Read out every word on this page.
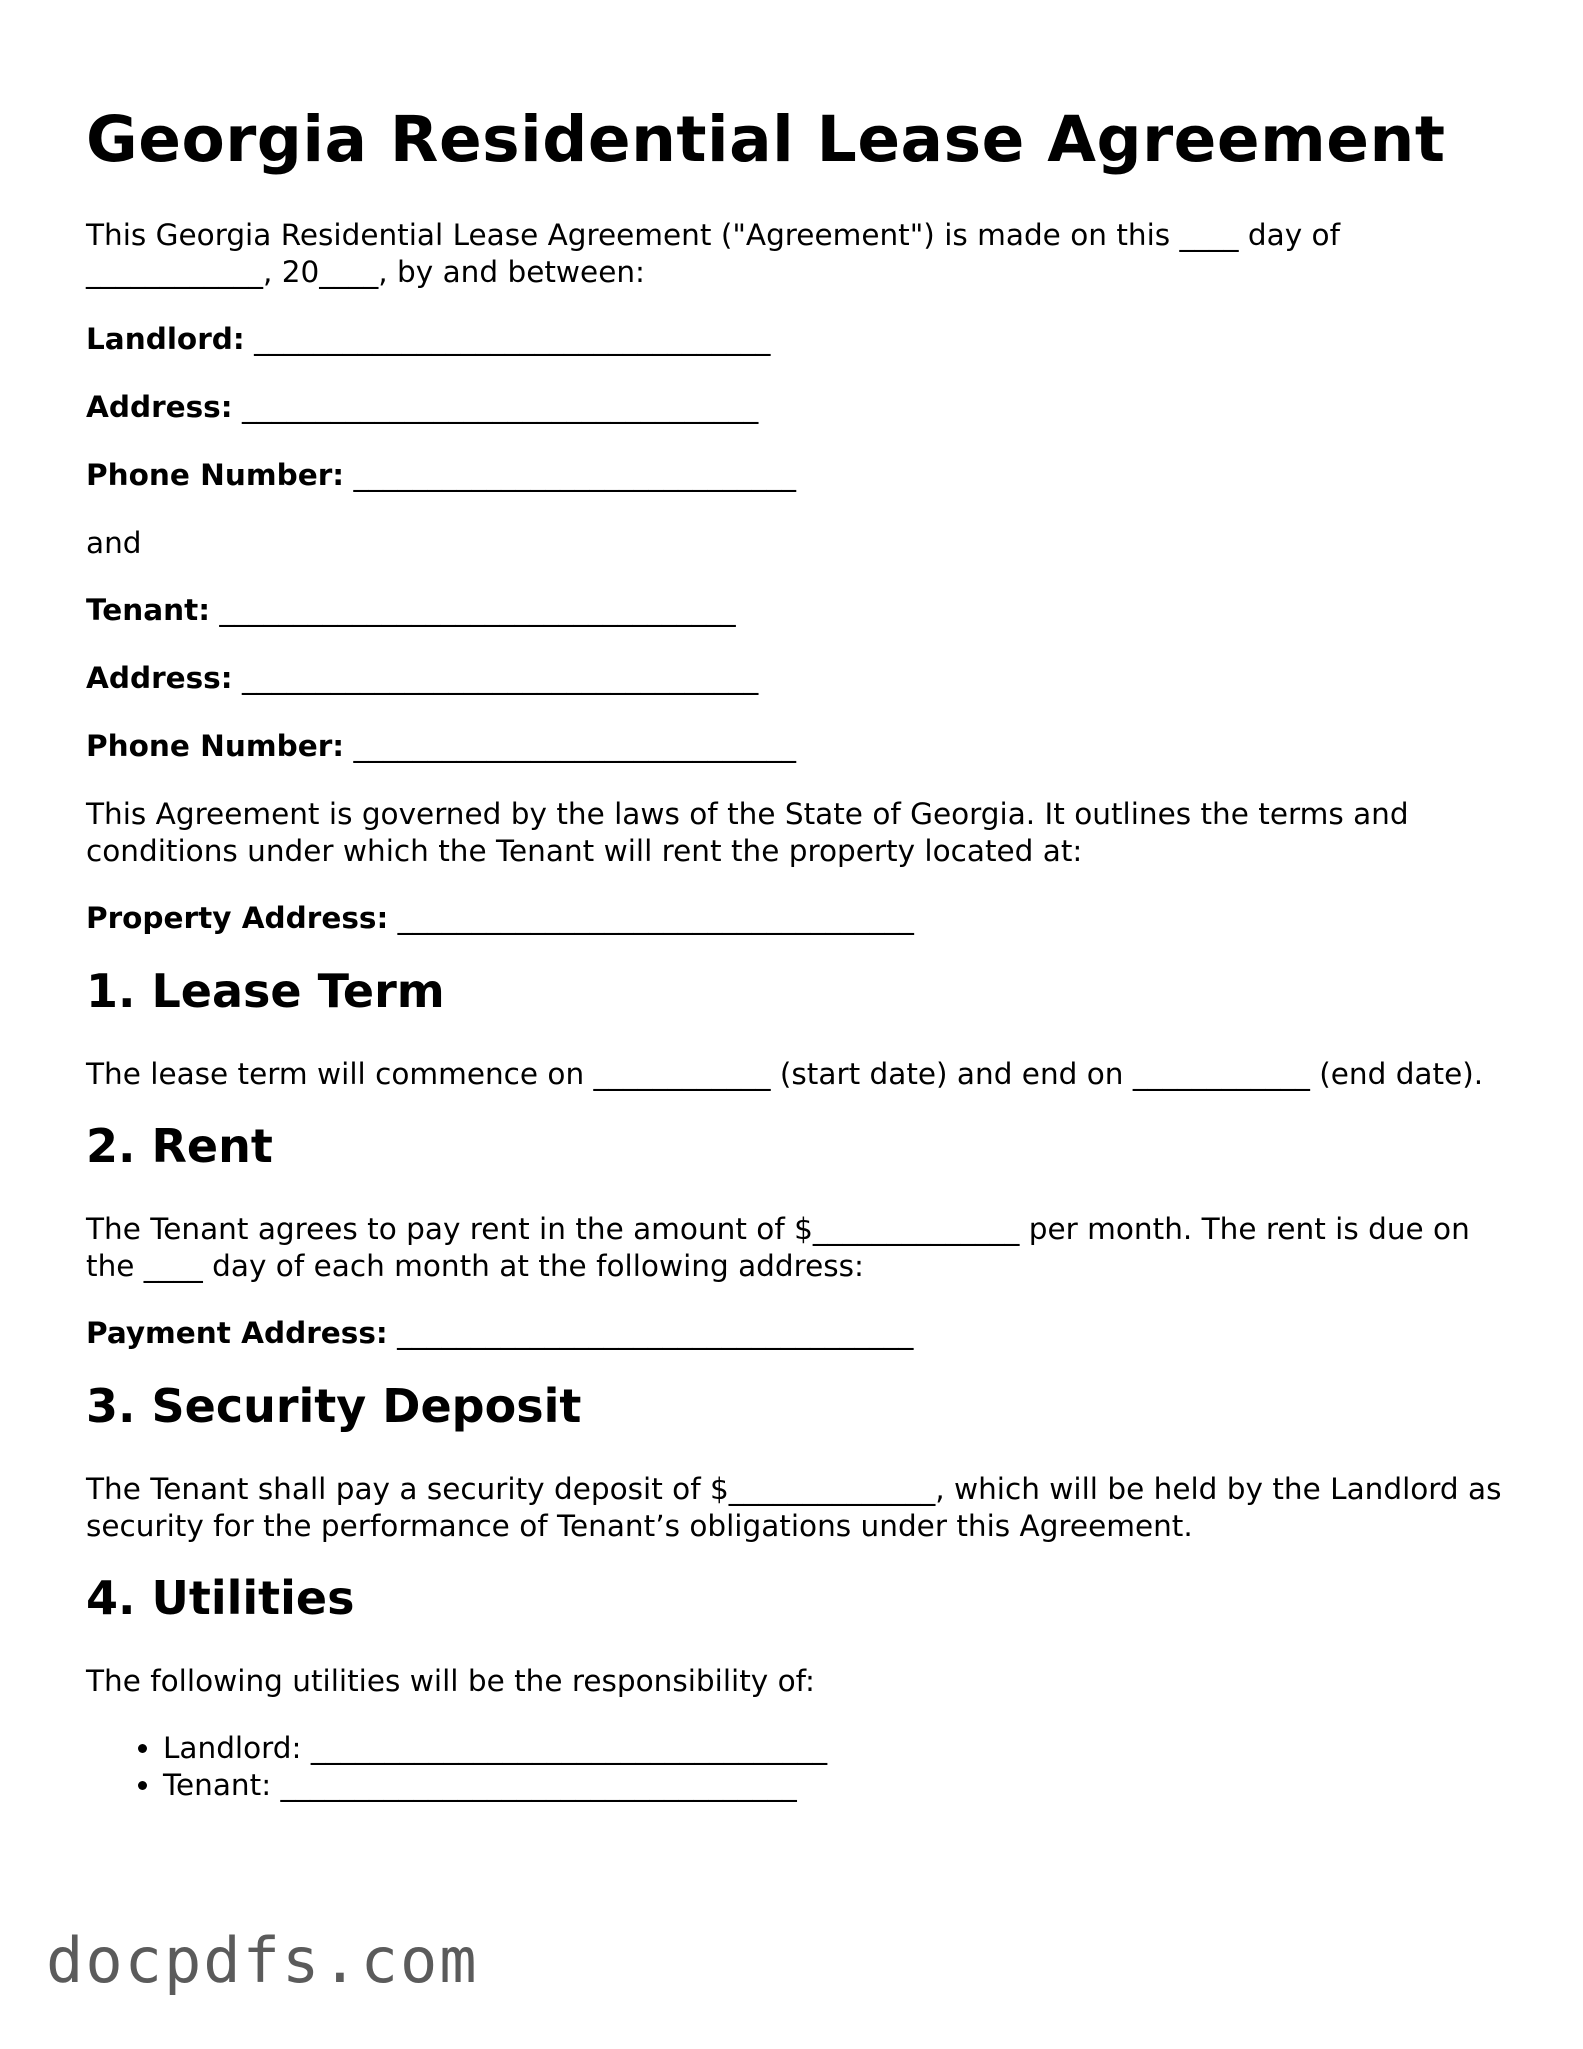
Georgia Residential Lease Agreement

This Georgia Residential Lease Agreement ("Agreement") is made on this ____ day of ____________, 20____, by and between:

Landlord: ___________________________________
Address: ___________________________________
Phone Number: ______________________________

and

Tenant: ___________________________________
Address: ___________________________________
Phone Number: ______________________________

This Agreement is governed by the laws of the State of Georgia. It outlines the terms and conditions under which the Tenant will rent the property located at:

Property Address: ___________________________________
1. Lease Term

The lease term will commence on ____________ (start date) and end on ____________ (end date).

2. Rent

The Tenant agrees to pay rent in the amount of $______________ per month. The rent is due on the ____ day of each month at the following address:

Payment Address: ___________________________________
3. Security Deposit

The Tenant shall pay a security deposit of $______________, which will be held by the Landlord as security for the performance of Tenant’s obligations under this Agreement.

4. Utilities

The following utilities will be the responsibility of:

• Landlord: ___________________________________
• Tenant: ___________________________________
docpdfs.com
